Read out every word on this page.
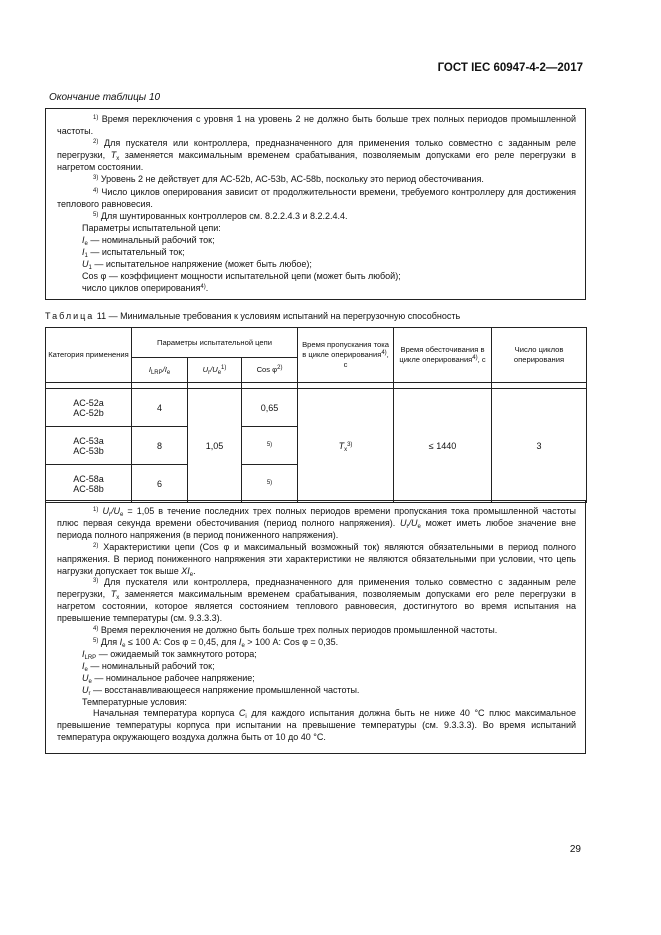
ГОСТ IEC 60947-4-2—2017
Окончание таблицы 10

$^{1)}$ Время переключения с уровня 1 на уровень 2 не должно быть больше трех полных периодов промышленной частоты.

$^{2)}$ Для пускателя или контроллера, предназначенного для применения только совместно с заданным реле перегрузки, $T_x$ заменяется максимальным временем срабатывания, позволяемым допусками его реле перегрузки в нагретом состоянии.

$^{3)}$ Уровень 2 не действует для АС-52b, АС-53b, АС-58b, поскольку это период обесточивания.

$^{4)}$ Число циклов оперирования зависит от продолжительности времени, требуемого контроллеру для достижения теплового равновесия.

$^{5)}$ Для шунтированных контроллеров см. 8.2.2.4.3 и 8.2.2.4.4.

Параметры испытательной цепи:

$I_e$ — номинальный рабочий ток;

$I_1$ — испытательный ток;

$U_1$ — испытательное напряжение (может быть любое);

Cos φ — коэффициент мощности испытательной цепи (может быть любой);

число циклов оперирования$^{4)}$.

Таблица 11 — Минимальные требования к условиям испытаний на перегрузочную способность
Категория применения	Параметры испытательной цепи			Время пропускания тока в цикле оперирования$^{4)}$, с	Время обесточивания в цикле оперирования$^{4)}$, с	Число циклов оперирования
	$I_{LRP}/I_e$	$U_r/U_e^{1)}$	Cos $\varphi^{2)}$

AC-52a
AC-52b	4	1,05	0,65	$T_x^{3)}$	≤ 1440	3
AC-53a
AC-53b	8		$^{5)}$
AC-58a
AC-58b	6		$^{5)}$

$^{1)}$ $U_r/U_e = 1,05$ в течение последних трех полных периодов времени пропускания тока промышленной частоты плюс первая секунда времени обесточивания (период полного напряжения). $U_r/U_e$ может иметь любое значение вне периода полного напряжения (в период пониженного напряжения).

$^{2)}$ Характеристики цепи (Cos φ и максимальный возможный ток) являются обязательными в период полного напряжения. В период пониженного напряжения эти характеристики не являются обязательными при условии, что цепь нагрузки допускает ток выше $XI_e$.

$^{3)}$ Для пускателя или контроллера, предназначенного для применения только совместно с заданным реле перегрузки, $T_x$ заменяется максимальным временем срабатывания, позволяемым допусками его реле перегрузки в нагретом состоянии, которое является состоянием теплового равновесия, достигнутого во время испытания на превышение температуры (см. 9.3.3.3).

$^{4)}$ Время переключения не должно быть больше трех полных периодов промышленной частоты.

$^{5)}$ Для $I_e \le 100$ А: Cos φ = 0,45, для $I_e > 100$ А: Cos φ = 0,35.

$I_{LRP}$ — ожидаемый ток замкнутого ротора;

$I_e$ — номинальный рабочий ток;

$U_e$ — номинальное рабочее напряжение;

$U_r$ — восстанавливающееся напряжение промышленной частоты.

Температурные условия:

Начальная температура корпуса $C_i$ для каждого испытания должна быть не ниже 40 °С плюс максимальное превышение температуры корпуса при испытании на превышение температуры (см. 9.3.3.3). Во время испытаний температура окружающего воздуха должна быть от 10 до 40 °С.

29
